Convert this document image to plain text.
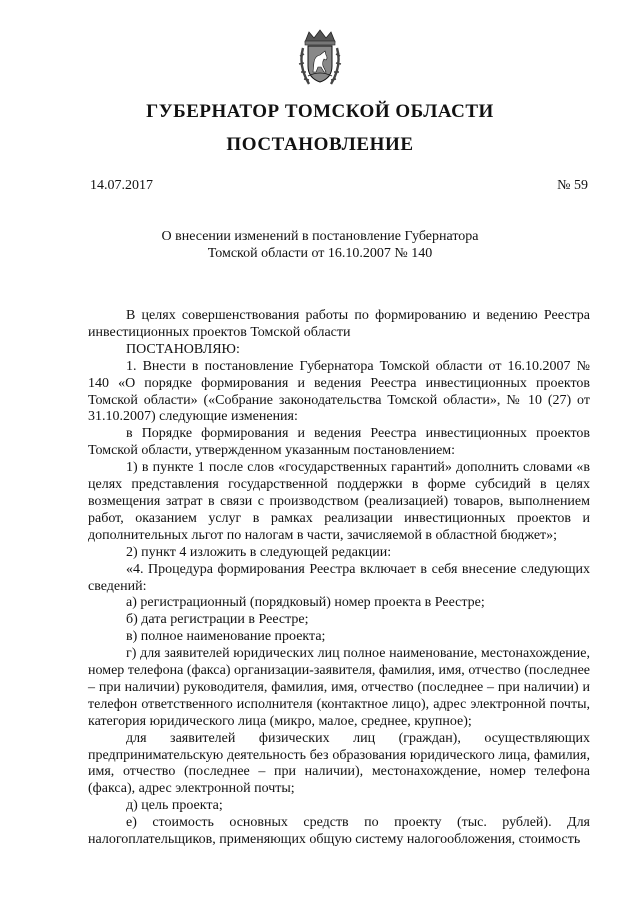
ГУБЕРНАТОР ТОМСКОЙ ОБЛАСТИ
ПОСТАНОВЛЕНИЕ
14.07.2017	№ 59
О внесении изменений в постановление Губернатора
Томской области от 16.10.2007 № 140
В целях совершенствования работы по формированию и ведению Реестра инвестиционных проектов Томской области
ПОСТАНОВЛЯЮ:
1. Внести в постановление Губернатора Томской области от 16.10.2007 № 140 «О порядке формирования и ведения Реестра инвестиционных проектов Томской области» («Собрание законодательства Томской области», № 10 (27) от 31.10.2007) следующие изменения:
в Порядке формирования и ведения Реестра инвестиционных проектов Томской области, утвержденном указанным постановлением:
1) в пункте 1 после слов «государственных гарантий» дополнить словами «в целях представления государственной поддержки в форме субсидий в целях возмещения затрат в связи с производством (реализацией) товаров, выполнением работ, оказанием услуг в рамках реализации инвестиционных проектов и дополнительных льгот по налогам в части, зачисляемой в областной бюджет»;
2) пункт 4 изложить в следующей редакции:
«4. Процедура формирования Реестра включает в себя внесение следующих сведений:
а) регистрационный (порядковый) номер проекта в Реестре;
б) дата регистрации в Реестре;
в) полное наименование проекта;
г) для заявителей юридических лиц полное наименование, местонахождение, номер телефона (факса) организации-заявителя, фамилия, имя, отчество (последнее – при наличии) руководителя, фамилия, имя, отчество (последнее – при наличии) и телефон ответственного исполнителя (контактное лицо), адрес электронной почты, категория юридического лица (микро, малое, среднее, крупное);
для заявителей физических лиц (граждан), осуществляющих предпринимательскую деятельность без образования юридического лица, фамилия, имя, отчество (последнее – при наличии), местонахождение, номер телефона (факса), адрес электронной почты;
д) цель проекта;
е) стоимость основных средств по проекту (тыс. рублей). Для налогоплательщиков, применяющих общую систему налогообложения, стоимость
